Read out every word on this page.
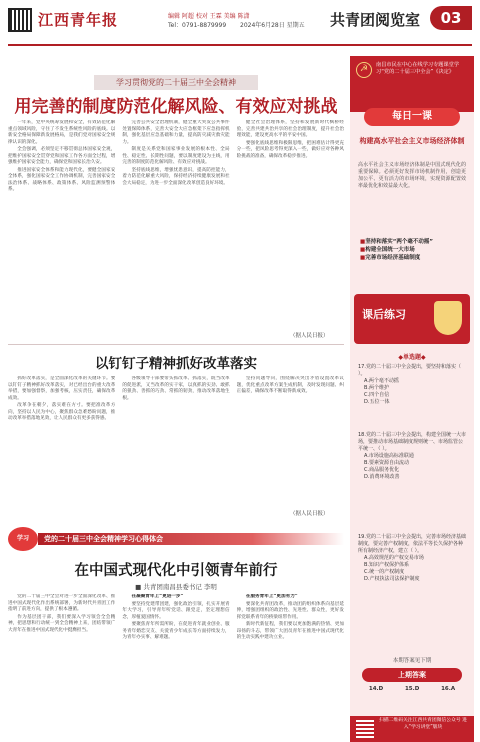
江西青年报	编辑 阿超 校对 王霖 美编 陈潇
Tel：0791-8879999 2024年6月28日 星期五 共青团阅览室	03
学习贯彻党的二十届三中全会精神
用完善的制度防范化解风险、有效应对挑战

一年来，党中央统筹发展和安全，有效防范化解重点领域风险，守住了不发生系统性风险的底线。以新安全格局保障新发展格局，是我们党对国家安全规律认识的深化。

全会强调，必须坚定不移贯彻总体国家安全观，把维护国家安全贯穿党和国家工作各方面全过程，增强维护国家安全能力，确保党和国家长治久安。

推进国家安全体系和能力现代化，要健全国家安全体系，强化国家安全工作协调机制，完善国家安全法治体系、战略体系、政策体系、风险监测预警体系。

完善公共安全治理机制，健全重大突发公共事件处置保障体系，完善大安全大应急框架下应急指挥机制，强化基层应急基础和力量，提高防灾减灾救灾能力。

制度是关系党和国家事业发展的根本性、全局性、稳定性、长期性问题，要以制度建设为主线，用完善的制度防范化解风险、有效应对挑战。

坚持底线思维，增强忧患意识，提高防控能力，着力防范化解重大风险，保持经济持续健康发展和社会大局稳定，为进一步全面深化改革创造良好环境。

健全社会治理体系，坚持和发展新时代枫桥经验，完善共建共治共享的社会治理制度，提升社会治理效能，建设更高水平的平安中国。

要强化底线思维和极限思维，把困难估计得更充分一些，把风险思考得更深入一些，做好应对各种风险挑战的准备，确保改革稳步推进。

（据人民日报）
以钉钉子精神抓好改革落实

抓好改革落实，是全面深化改革的关键环节。要以钉钉子精神抓好改革落实，对已经出台的重大改革举措，要加强督察，加强考核，压实责任，确保改革成效。

改革争在朝夕，落实难在方寸。要把准改革方向，坚持以人民为中心，聚焦群众急难愁盼问题，推动改革举措落地见效，让人民群众有更多获得感。

各级领导干部要带头抓改革、抓落实，既当改革的促进派，又当改革的实干家，以真抓的实劲、敢抓的狠劲、善抓的巧劲、常抓的韧劲，推动改革落地生根。

坚持问题导向，围绕解决突出矛盾设置改革议题，优化重点改革方案生成机制，及时发现问题、纠正偏差，确保改革不断取得新成效。

（据人民日报）
学习	党的二十届三中全会精神学习心得体会
在中国式现代化中引领青年前行
■ 共青团南昌县委书记 李明

党的二十届三中全会对进一步全面深化改革、推进中国式现代化作出系统部署，为新时代共青团工作指明了前进方向，提供了根本遵循。

作为基层团干部，我们要深入学习领会全会精神，把思想和行动统一到全会精神上来，团结带领广大青年在推进中国式现代化中挺膺担当。

在凝聚青年上“更进一步”

要坚持党建带团建，强化政治引领，扎实开展青年大学习，引导青年听党话、跟党走，坚定理想信念，厚植爱国情怀。

要聚焦青年所需所盼，在促进青年就业创业、服务青年婚恋交友、关爱青少年成长等方面持续发力，为青年办实事、解难题。

在服务青年上“更加有力”

要深化共青团改革，推动团的组织体系向基层延伸，增强团组织的政治性、先进性、群众性，更好发挥党联系青年的桥梁纽带作用。

新时代新征程，我们要以更加饱满的热情、更加昂扬的斗志，带领广大团员青年在推进中国式现代化的生动实践中建功立业。

☭	南昌市民在中心在线学习专题课堂学习“党的二十届三中全会”《决定》
每日一课
构建高水平社会主义市场经济体制
高水平社会主义市场经济体制是中国式现代化的重要保障。必须更好发挥市场机制作用，创造更加公平、更有活力的市场环境，实现资源配置效率最优化和效益最大化。
■ 坚持和落实“两个毫不动摇”
■ 构建全国统一大市场
■ 完善市场经济基础制度
课后练习
◆单选题◆
17.党的二十届三中全会提出，要坚持和落实（ ）。
A.两个毫不动摇
B.两个维护
C.四个自信
D.五位一体
18.党的二十届三中全会提出，构建全国统一大市场，要推动市场基础制度规则统一、市场监管公平统一、（ ）。
A.市场设施高标准联通
B.要素资源自由流动
C.商品服务优化
D.消费环境改善
19.党的二十届三中全会提出，完善市场经济基础制度，要完善产权制度，依法平等长久保护各种所有制经济产权，建立（ ）。
A.高效规范的产权交易市场
B.知识产权保护体系
C.统一的产权制度
D.产权执法司法保护制度
本期答案见下期
上期答案
14.D	15.D	16.A
扫描二维码关注江西共青团微信公众号 进入“学习讲堂”版块
